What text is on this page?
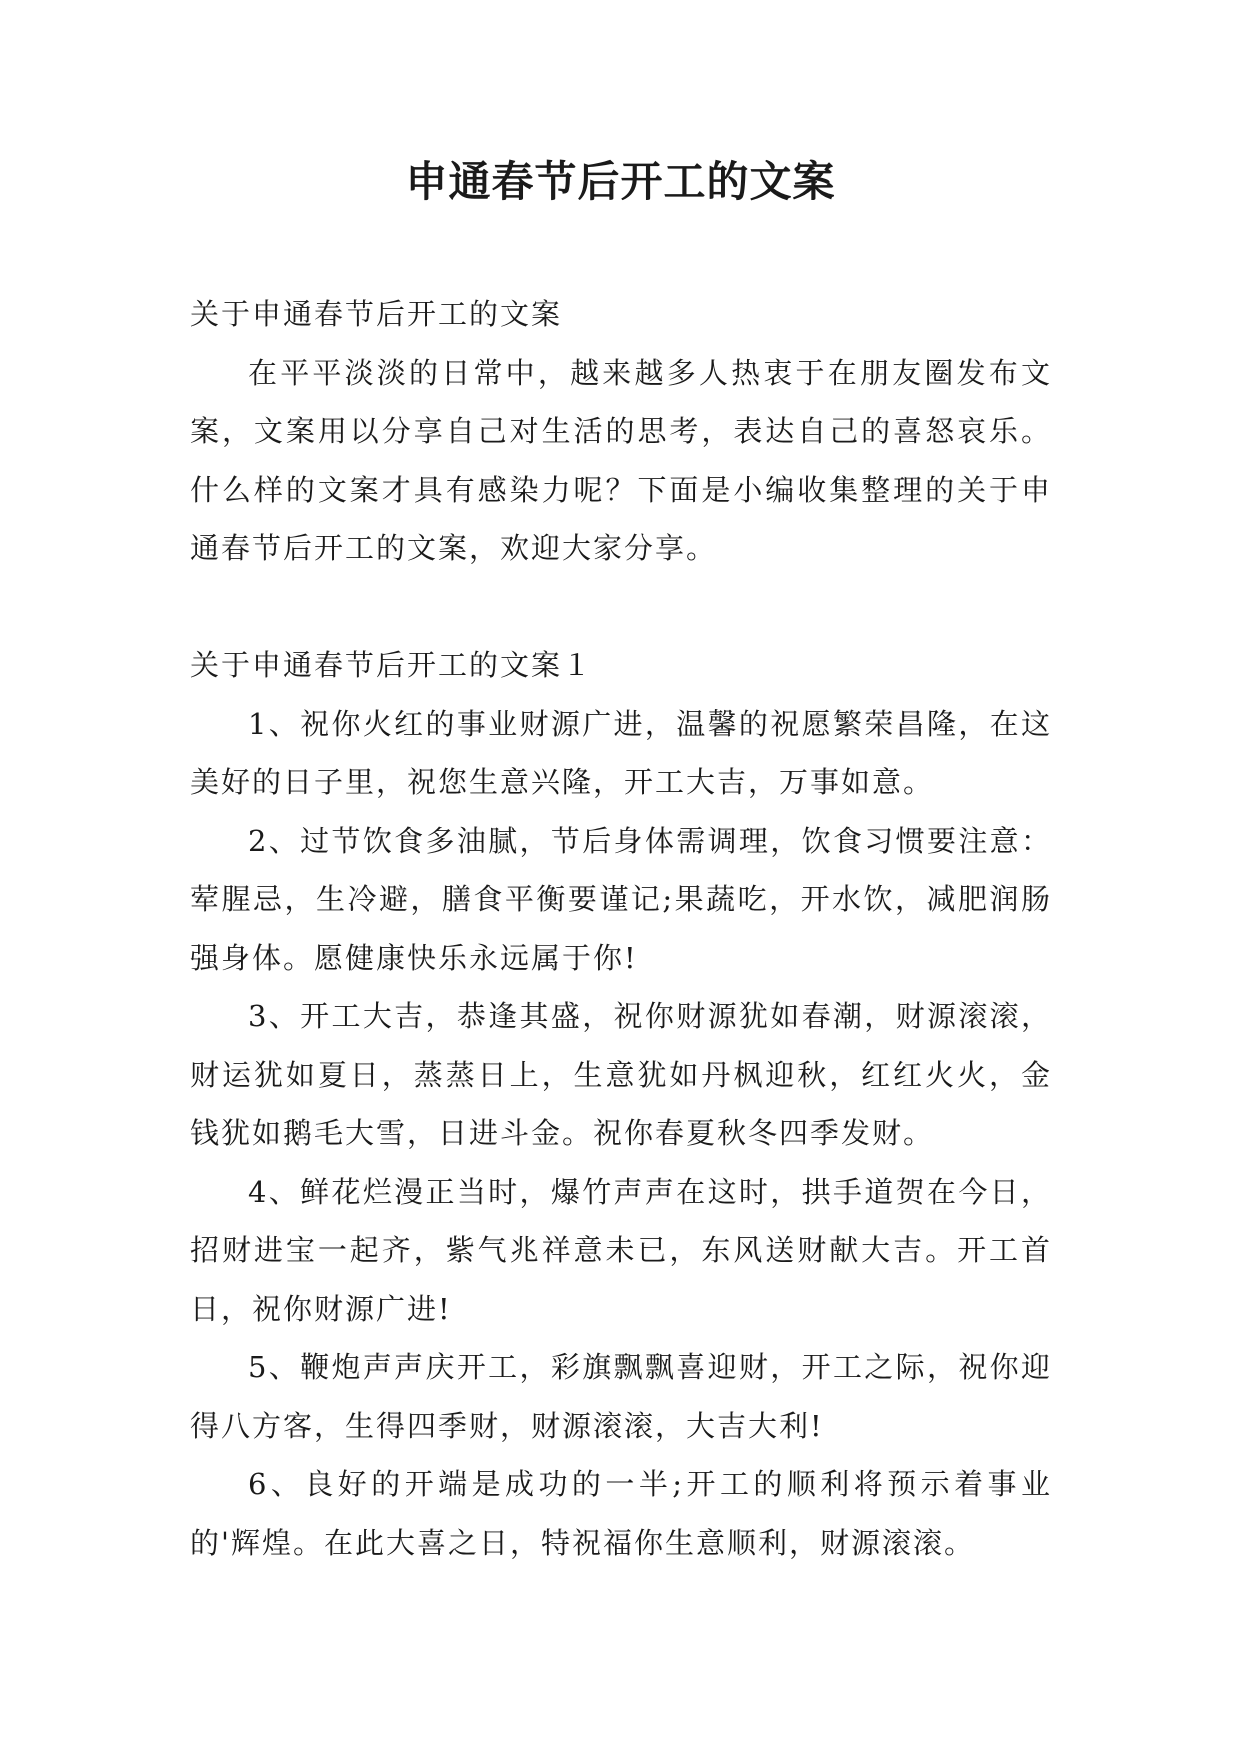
申通春节后开工的文案

关于申通春节后开工的文案

在平平淡淡的日常中，越来越多人热衷于在朋友圈发布文案，文案用以分享自己对生活的思考，表达自己的喜怒哀乐。什么样的文案才具有感染力呢？下面是小编收集整理的关于申通春节后开工的文案，欢迎大家分享。

关于申通春节后开工的文案１

1、祝你火红的事业财源广进，温馨的祝愿繁荣昌隆，在这美好的日子里，祝您生意兴隆，开工大吉，万事如意。

2、过节饮食多油腻，节后身体需调理，饮食习惯要注意：荤腥忌，生冷避，膳食平衡要谨记;果蔬吃，开水饮，减肥润肠强身体。愿健康快乐永远属于你!

3、开工大吉，恭逢其盛，祝你财源犹如春潮，财源滚滚，财运犹如夏日，蒸蒸日上，生意犹如丹枫迎秋，红红火火，金钱犹如鹅毛大雪，日进斗金。祝你春夏秋冬四季发财。

4、鲜花烂漫正当时，爆竹声声在这时，拱手道贺在今日，招财进宝一起齐，紫气兆祥意未已，东风送财献大吉。开工首日，祝你财源广进!

5、鞭炮声声庆开工，彩旗飘飘喜迎财，开工之际，祝你迎得八方客，生得四季财，财源滚滚，大吉大利!

6、良好的开端是成功的一半;开工的顺利将预示着事业的'辉煌。在此大喜之日，特祝福你生意顺利，财源滚滚。
